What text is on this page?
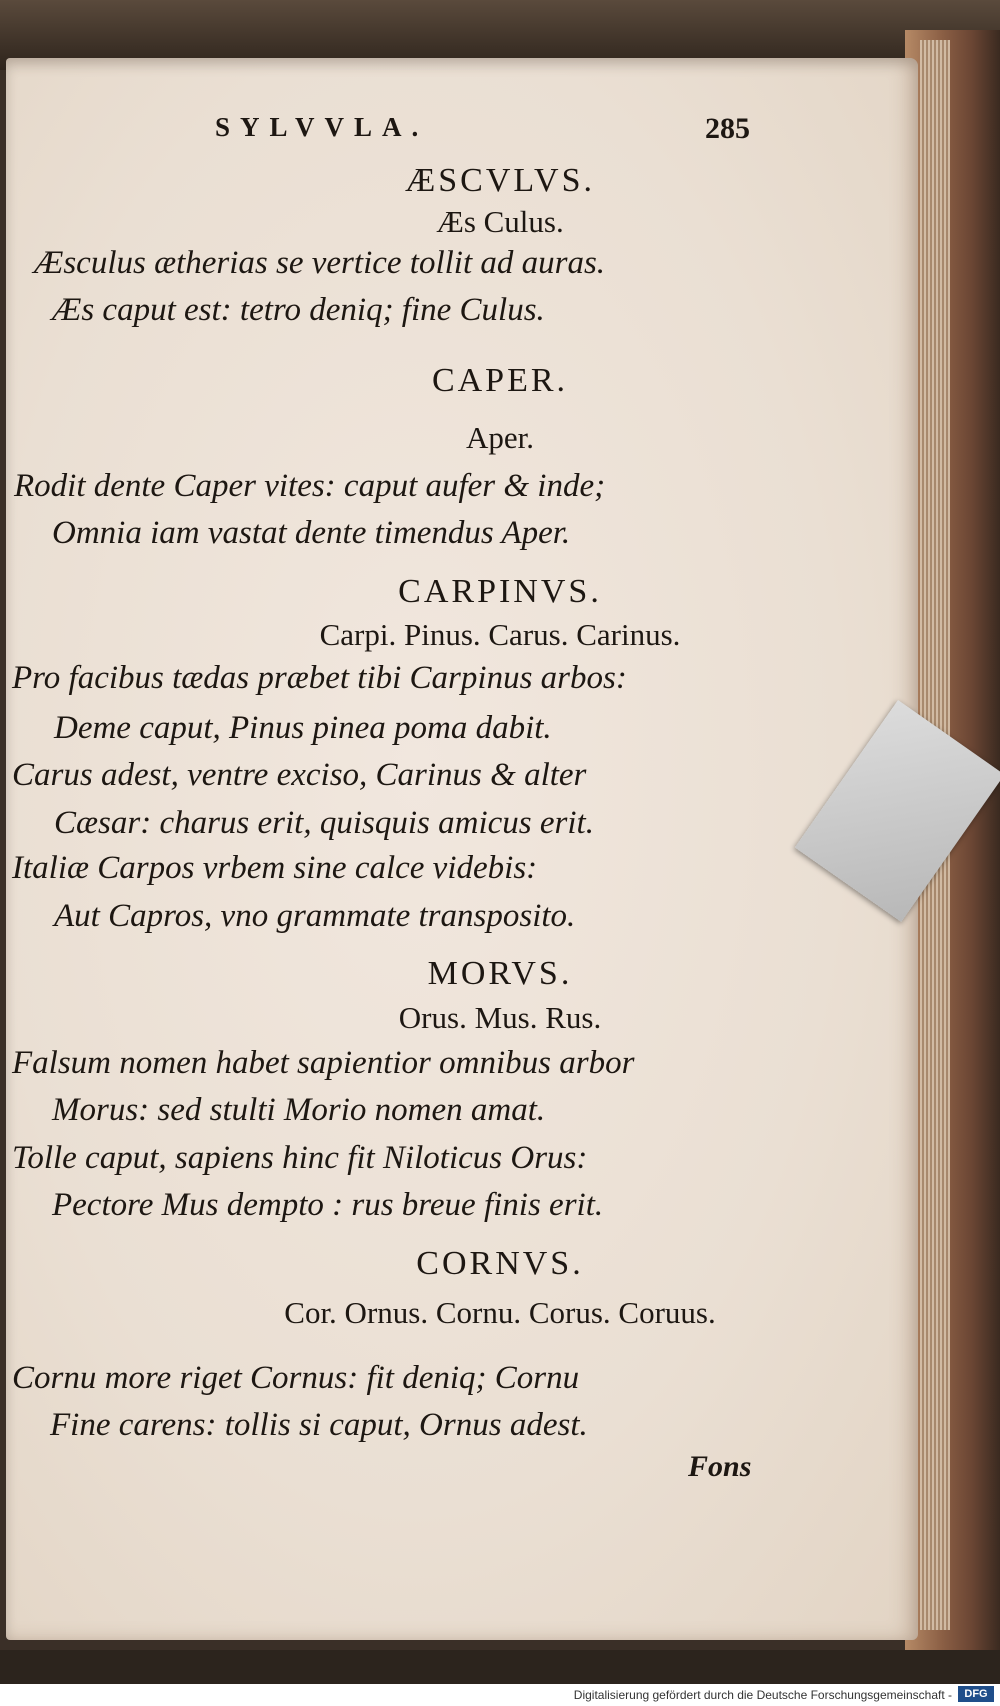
SYLVVLA.	285
ÆSCVLVS.
Æs Culus.
Æsculus ætherias se vertice tollit ad auras.
Æs caput est: tetro deniq; fine Culus.
CAPER.
Aper.
Rodit dente Caper vites: caput aufer & inde;
Omnia iam vastat dente timendus Aper.
CARPINVS.
Carpi. Pinus. Carus. Carinus.
Pro facibus tædas præbet tibi Carpinus arbos:
Deme caput, Pinus pinea poma dabit.
Carus adest, ventre exciso, Carinus & alter
Cæsar: charus erit, quisquis amicus erit.
Italiæ Carpos vrbem sine calce videbis:
Aut Capros, vno grammate transposito.
MORVS.
Orus. Mus. Rus.
Falsum nomen habet sapientior omnibus arbor
Morus: sed stulti Morio nomen amat.
Tolle caput, sapiens hinc fit Niloticus Orus:
Pectore Mus dempto : rus breue finis erit.
CORNVS.
Cor. Ornus. Cornu. Corus. Coruus.
Cornu more riget Cornus: fit deniq; Cornu
Fine carens: tollis si caput, Ornus adest.
Fons
Digitalisierung gefördert durch die Deutsche Forschungsgemeinschaft -	DFG
